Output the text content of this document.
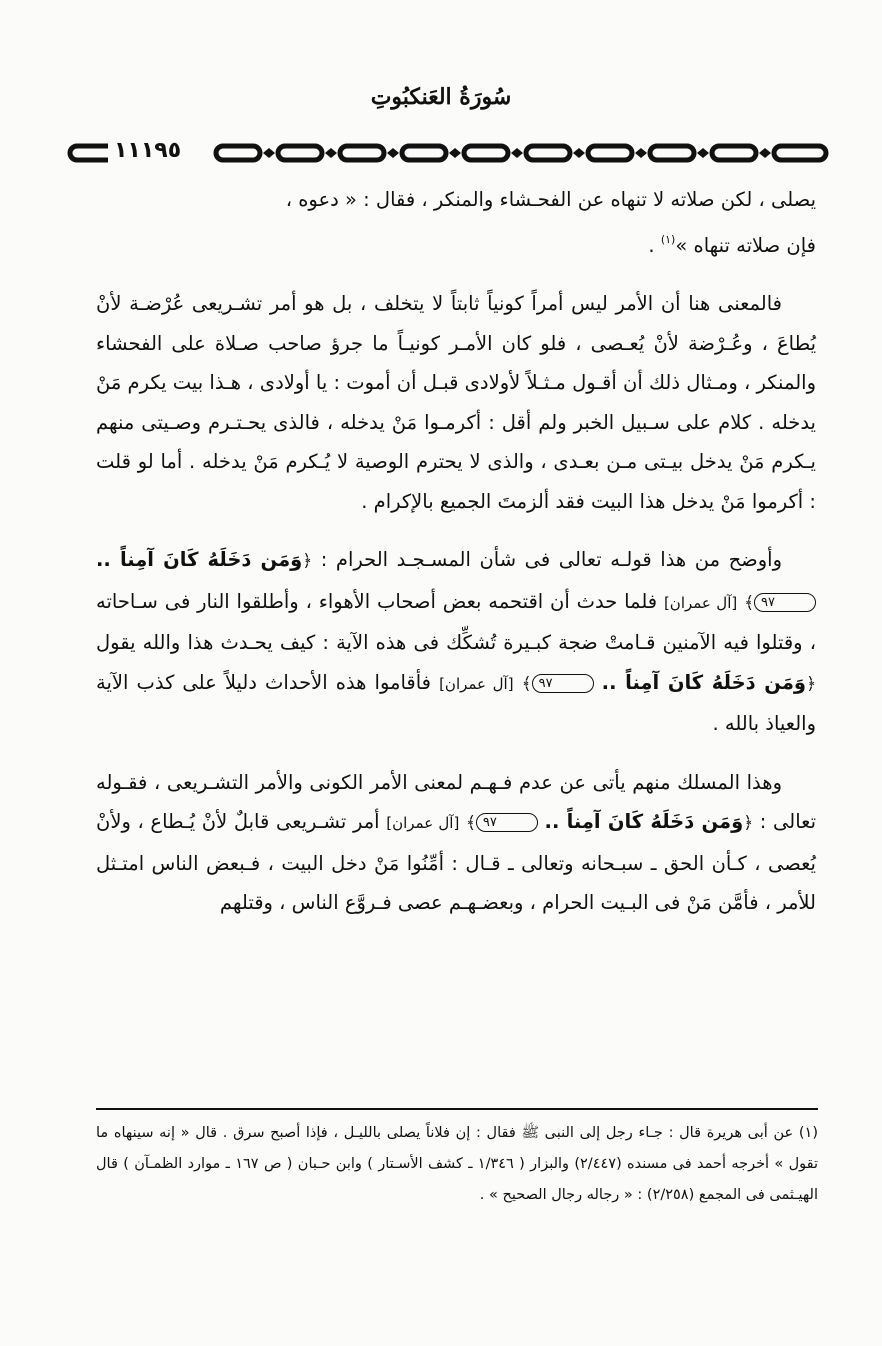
سُورَةُ العَنكبُوتِ
١١١٩٥

يصلى ، لكن صلاته لا تنهاه عن الفحـشاء والمنكر ، فقال : « دعوه ،
فإن صلاته تنهاه »$^{(١)}$ .

فالمعنى هنا أن الأمر ليس أمراً كونياً ثابتاً لا يتخلف ، بل هو أمر تشـريعى عُرْضـة لأنْ يُطاعَ ، وعُـرْضة لأنْ يُعـصى ، فلو كان الأمـر كونيـاً ما جرؤ صاحب صـلاة على الفحشاء والمنكر ، ومـثال ذلك أن أقـول مـثـلاً لأولادى قبـل أن أموت : يا أولادى ، هـذا بيت يكرم مَنْ يدخله . كلام على سـبيل الخبر ولم أقل : أكرمـوا مَنْ يدخله ، فالذى يحـتـرم وصـيتى منهم يـكرم مَنْ يدخل بيـتى مـن بعـدى ، والذى لا يحترم الوصية لا يُـكرم مَنْ يدخله . أما لو قلت : أكرموا مَنْ يدخل هذا البيت فقد ألزمتَ الجميع بالإكرام .

وأوضح من هذا قولـه تعالى فى شأن المسـجـد الحرام : ﴿وَمَن دَخَلَهُ كَانَ آمِناً .. ٩٧﴾ [آل عمران] فلما حدث أن اقتحمه بعض أصحاب الأهواء ، وأطلقوا النار فى سـاحاته ، وقتلوا فيه الآمنين قـامتْ ضجة كبـيرة تُشكِّك فى هذه الآية : كيف يحـدث هذا والله يقول ﴿وَمَن دَخَلَهُ كَانَ آمِناً .. ٩٧﴾ [آل عمران] فأقاموا هذه الأحداث دليلاً على كذب الآية والعياذ بالله .

وهذا المسلك منهم يأتى عن عدم فـهـم لمعنى الأمر الكونى والأمر التشـريعى ، فقـوله تعالى : ﴿وَمَن دَخَلَهُ كَانَ آمِناً .. ٩٧﴾ [آل عمران] أمر تشـريعى قابلٌ لأنْ يُـطاع ، ولأنْ يُعصى ، كـأن الحق ـ سبـحانه وتعالى ـ قـال : أمِّنُوا مَنْ دخل البيت ، فـبعض الناس امتـثل للأمر ، فأمَّن مَنْ فى البـيت الحرام ، وبعضـهـم عصى فـروَّع الناس ، وقتلهم

(١) عن أبى هريرة قال : جـاء رجل إلى النبى ﷺ فقال : إن فلاناً يصلى بالليـل ، فإذا أصبح سرق . قال « إنه سينهاه ما تقول » أخرجه أحمد فى مسنده (٢/٤٤٧) والبزار ( ١/٣٤٦ ـ كشف الأسـتار ) وابن حـبان ( ص ١٦٧ ـ موارد الظمـآن ) قال الهيـثمى فى المجمع (٢/٢٥٨) : « رجاله رجال الصحيح » .
